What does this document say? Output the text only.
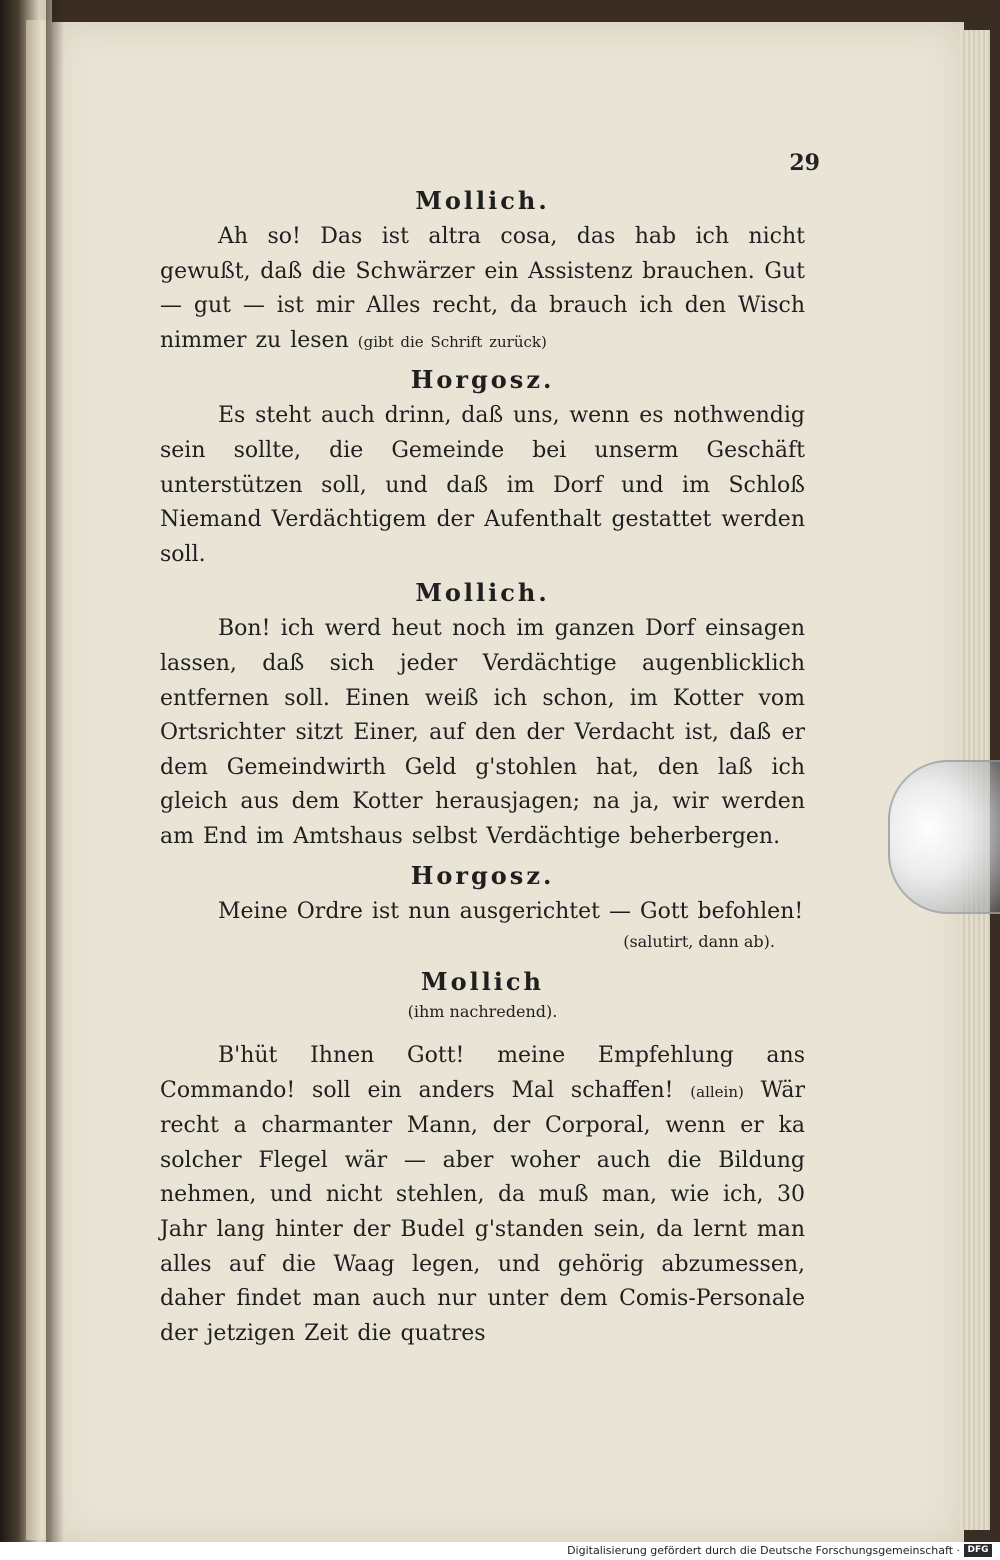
29
Mollich.

Ah so! Das ist altra cosa, das hab ich nicht gewußt, daß die Schwärzer ein Assistenz brauchen. Gut — gut — ist mir Alles recht, da brauch ich den Wisch nimmer zu lesen (gibt die Schrift zurück)

Horgosz.

Es steht auch drinn, daß uns, wenn es nothwendig sein sollte, die Gemeinde bei unserm Geschäft unterstützen soll, und daß im Dorf und im Schloß Niemand Verdächtigem der Aufenthalt gestattet werden soll.

Mollich.

Bon! ich werd heut noch im ganzen Dorf einsagen lassen, daß sich jeder Verdächtige augenblicklich entfernen soll. Einen weiß ich schon, im Kotter vom Ortsrichter sitzt Einer, auf den der Verdacht ist, daß er dem Gemeindwirth Geld g'stohlen hat, den laß ich gleich aus dem Kotter herausjagen; na ja, wir werden am End im Amtshaus selbst Verdächtige beherbergen.

Horgosz.

Meine Ordre ist nun ausgerichtet — Gott befohlen!

(salutirt, dann ab).
Mollich
(ihm nachredend).

B'hüt Ihnen Gott! meine Empfehlung ans Commando! soll ein anders Mal schaffen! (allein) Wär recht a charmanter Mann, der Corporal, wenn er ka solcher Flegel wär — aber woher auch die Bildung nehmen, und nicht stehlen, da muß man, wie ich, 30 Jahr lang hinter der Budel g'standen sein, da lernt man alles auf die Waag legen, und gehörig abzumessen, daher findet man auch nur unter dem Comis-Personale der jetzigen Zeit die quatres

Digitalisierung gefördert durch die Deutsche Forschungsgemeinschaft · DFG
